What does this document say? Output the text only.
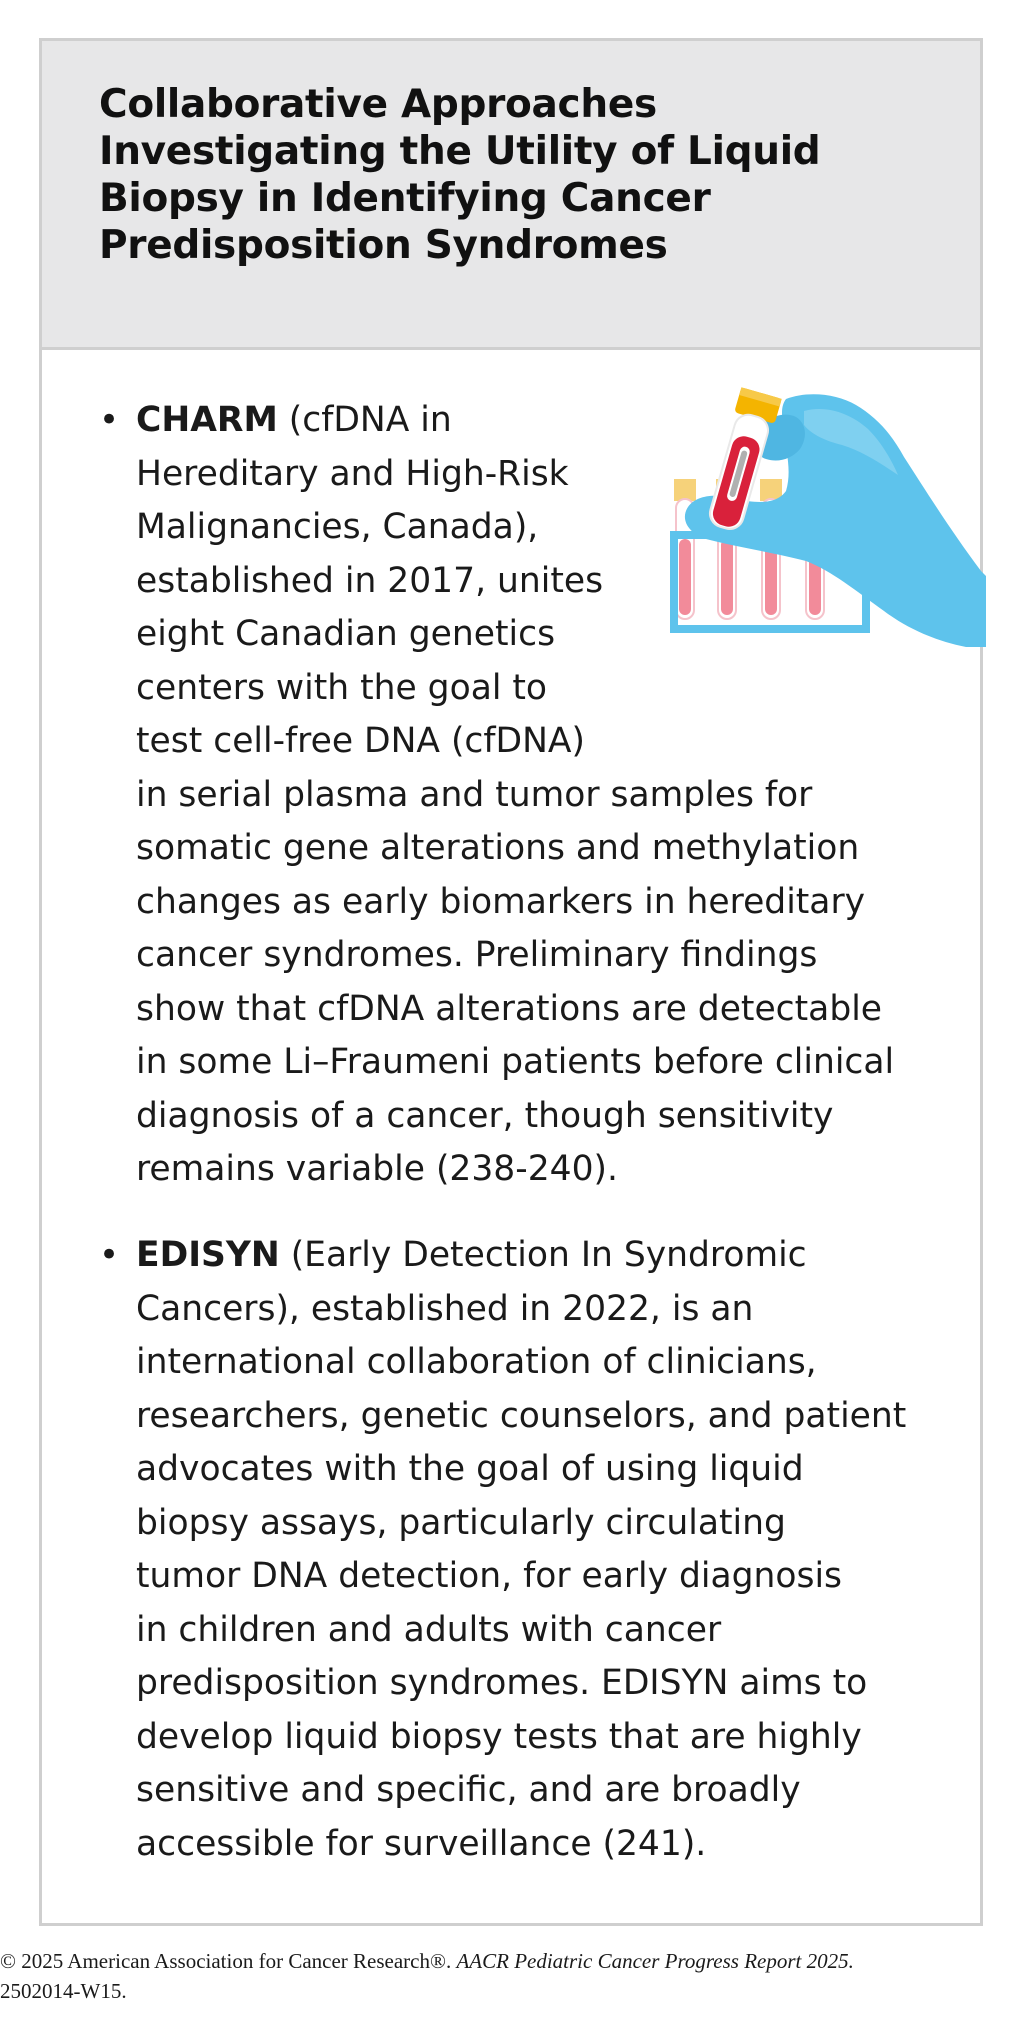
Collaborative Approaches
Investigating the Utility of Liquid
Biopsy in Identifying Cancer
Predisposition Syndromes
• CHARM (cfDNA in
Hereditary and High-Risk
Malignancies, Canada),
established in 2017, unites
eight Canadian genetics
centers with the goal to
test cell-free DNA (cfDNA)
in serial plasma and tumor samples for
somatic gene alterations and methylation
changes as early biomarkers in hereditary
cancer syndromes. Preliminary findings
show that cfDNA alterations are detectable
in some Li–Fraumeni patients before clinical
diagnosis of a cancer, though sensitivity
remains variable (238-240).
• EDISYN (Early Detection In Syndromic
Cancers), established in 2022, is an
international collaboration of clinicians,
researchers, genetic counselors, and patient
advocates with the goal of using liquid
biopsy assays, particularly circulating
tumor DNA detection, for early diagnosis
in children and adults with cancer
predisposition syndromes. EDISYN aims to
develop liquid biopsy tests that are highly
sensitive and specific, and are broadly
accessible for surveillance (241).
© 2025 American Association for Cancer Research®. AACR Pediatric Cancer Progress Report 2025.
2502014-W15.
